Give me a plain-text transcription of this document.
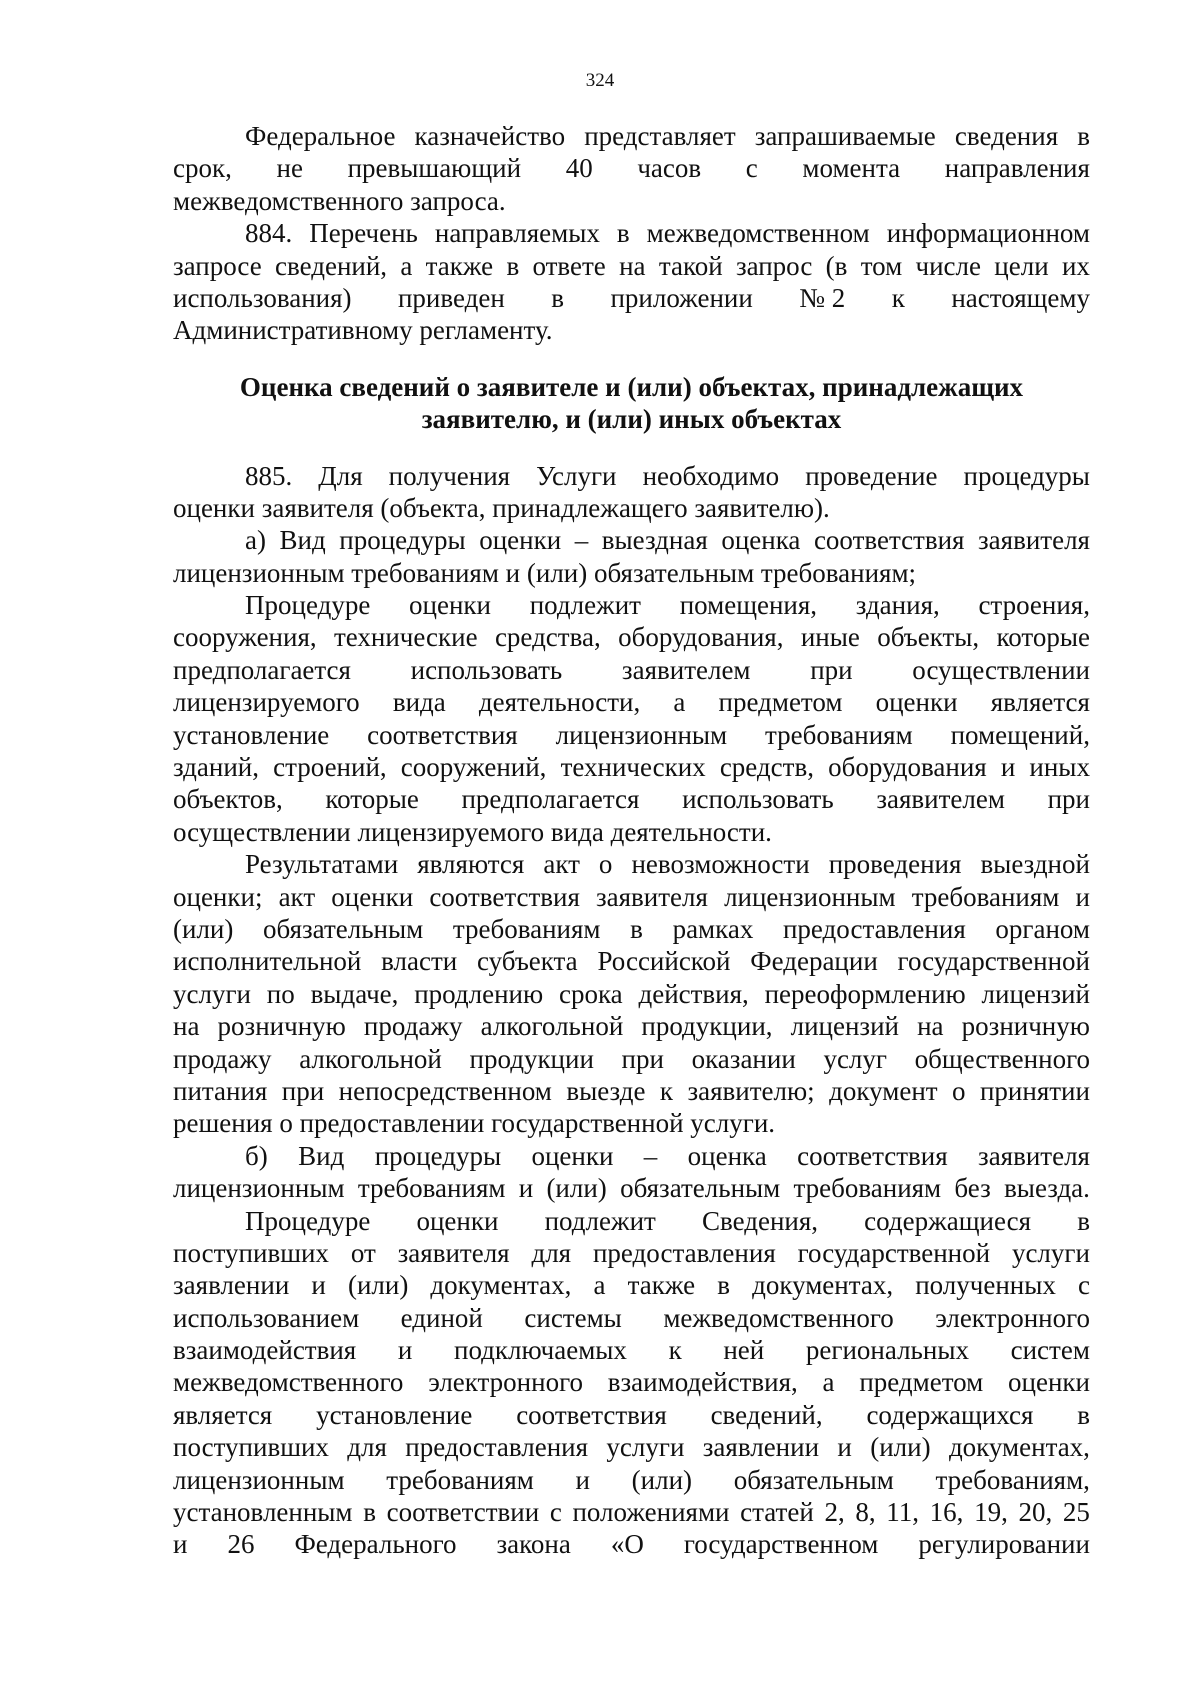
324
Федеральное казначейство представляет запрашиваемые сведения в
срок, не превышающий 40 часов с момента направления
межведомственного запроса.
884. Перечень направляемых в межведомственном информационном
запросе сведений, а также в ответе на такой запрос (в том числе цели их
использования) приведен в приложении № 2 к настоящему
Административному регламенту.
Оценка сведений о заявителе и (или) объектах, принадлежащих
заявителю, и (или) иных объектах
885. Для получения Услуги необходимо проведение процедуры
оценки заявителя (объекта, принадлежащего заявителю).
а) Вид процедуры оценки – выездная оценка соответствия заявителя
лицензионным требованиям и (или) обязательным требованиям;
Процедуре оценки подлежит помещения, здания, строения,
сооружения, технические средства, оборудования, иные объекты, которые
предполагается использовать заявителем при осуществлении
лицензируемого вида деятельности, а предметом оценки является
установление соответствия лицензионным требованиям помещений,
зданий, строений, сооружений, технических средств, оборудования и иных
объектов, которые предполагается использовать заявителем при
осуществлении лицензируемого вида деятельности.
Результатами являются акт о невозможности проведения выездной
оценки; акт оценки соответствия заявителя лицензионным требованиям и
(или) обязательным требованиям в рамках предоставления органом
исполнительной власти субъекта Российской Федерации государственной
услуги по выдаче, продлению срока действия, переоформлению лицензий
на розничную продажу алкогольной продукции, лицензий на розничную
продажу алкогольной продукции при оказании услуг общественного
питания при непосредственном выезде к заявителю; документ о принятии
решения о предоставлении государственной услуги.
б) Вид процедуры оценки – оценка соответствия заявителя
лицензионным требованиям и (или) обязательным требованиям без выезда.
Процедуре оценки подлежит Сведения, содержащиеся в
поступивших от заявителя для предоставления государственной услуги
заявлении и (или) документах, а также в документах, полученных с
использованием единой системы межведомственного электронного
взаимодействия и подключаемых к ней региональных систем
межведомственного электронного взаимодействия, а предметом оценки
является установление соответствия сведений, содержащихся в
поступивших для предоставления услуги заявлении и (или) документах,
лицензионным требованиям и (или) обязательным требованиям,
установленным в соответствии с положениями статей 2, 8, 11, 16, 19, 20, 25
и 26 Федерального закона «О государственном регулировании
